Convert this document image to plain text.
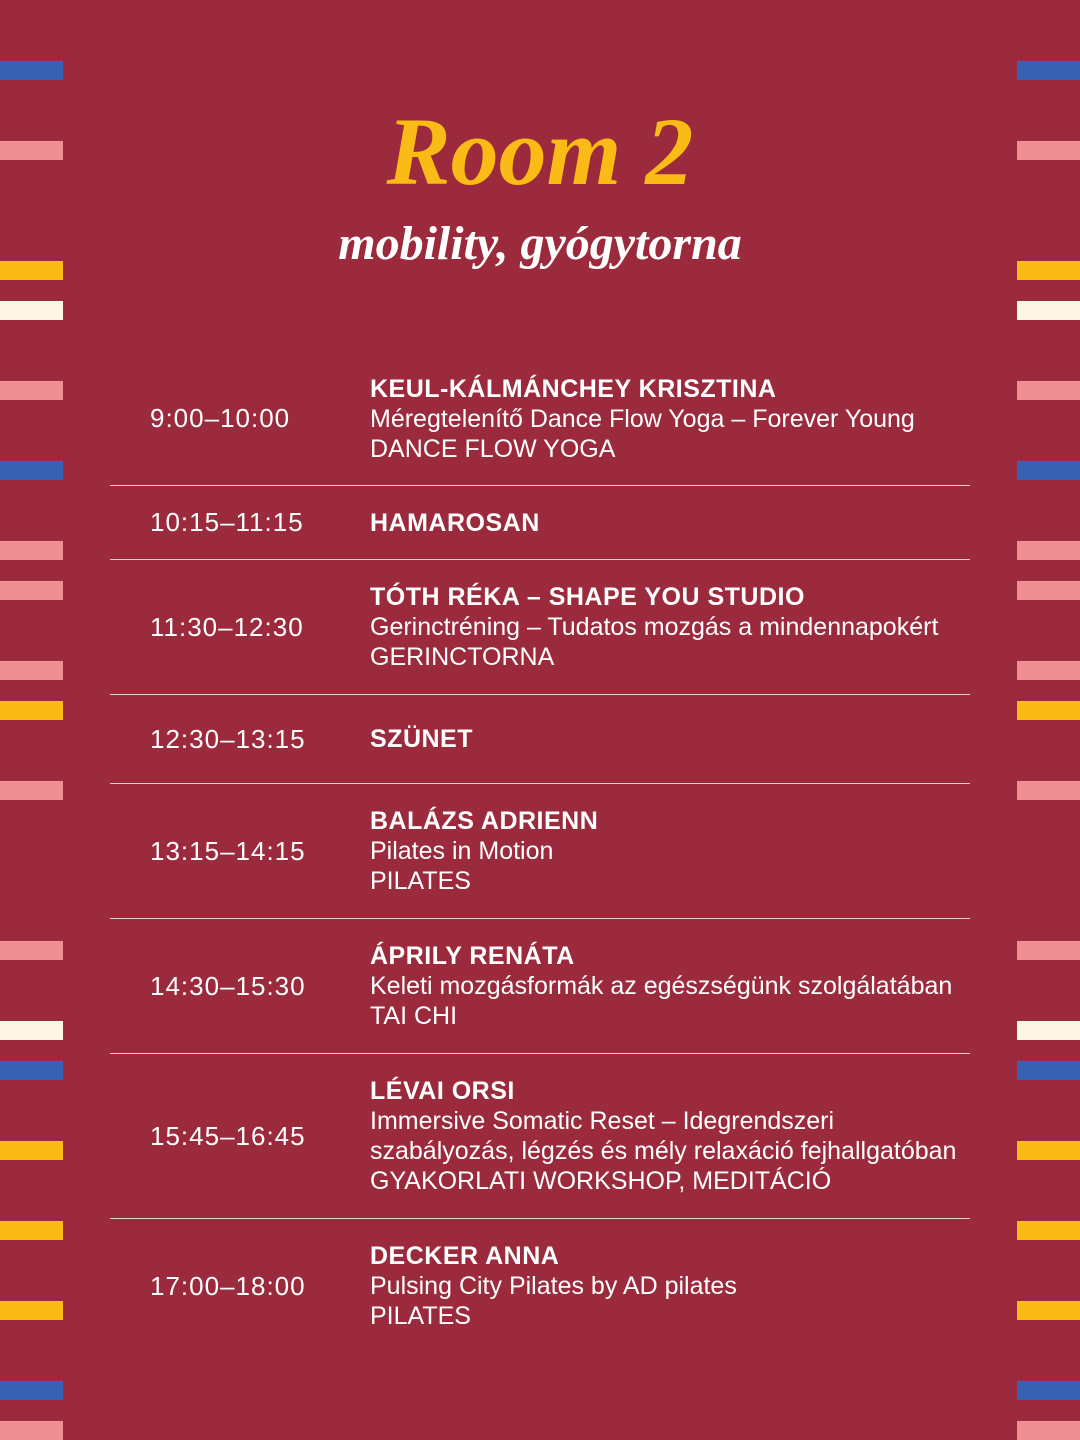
Room 2
mobility, gyógytorna
9:00–10:00
KEUL-KÁLMÁNCHEY KRISZTINA
Méregtelenítő Dance Flow Yoga – Forever Young
DANCE FLOW YOGA
10:15–11:15	HAMAROSAN
11:30–12:30
TÓTH RÉKA – SHAPE YOU STUDIO
Gerinctréning – Tudatos mozgás a mindennapokért
GERINCTORNA
12:30–13:15	SZÜNET
13:15–14:15
BALÁZS ADRIENN
Pilates in Motion
PILATES
14:30–15:30
ÁPRILY RENÁTA
Keleti mozgásformák az egészségünk szolgálatában
TAI CHI
15:45–16:45
LÉVAI ORSI
Immersive Somatic Reset – Idegrendszeri
szabályozás, légzés és mély relaxáció fejhallgatóban
GYAKORLATI WORKSHOP, MEDITÁCIÓ
17:00–18:00
DECKER ANNA
Pulsing City Pilates by AD pilates
PILATES
